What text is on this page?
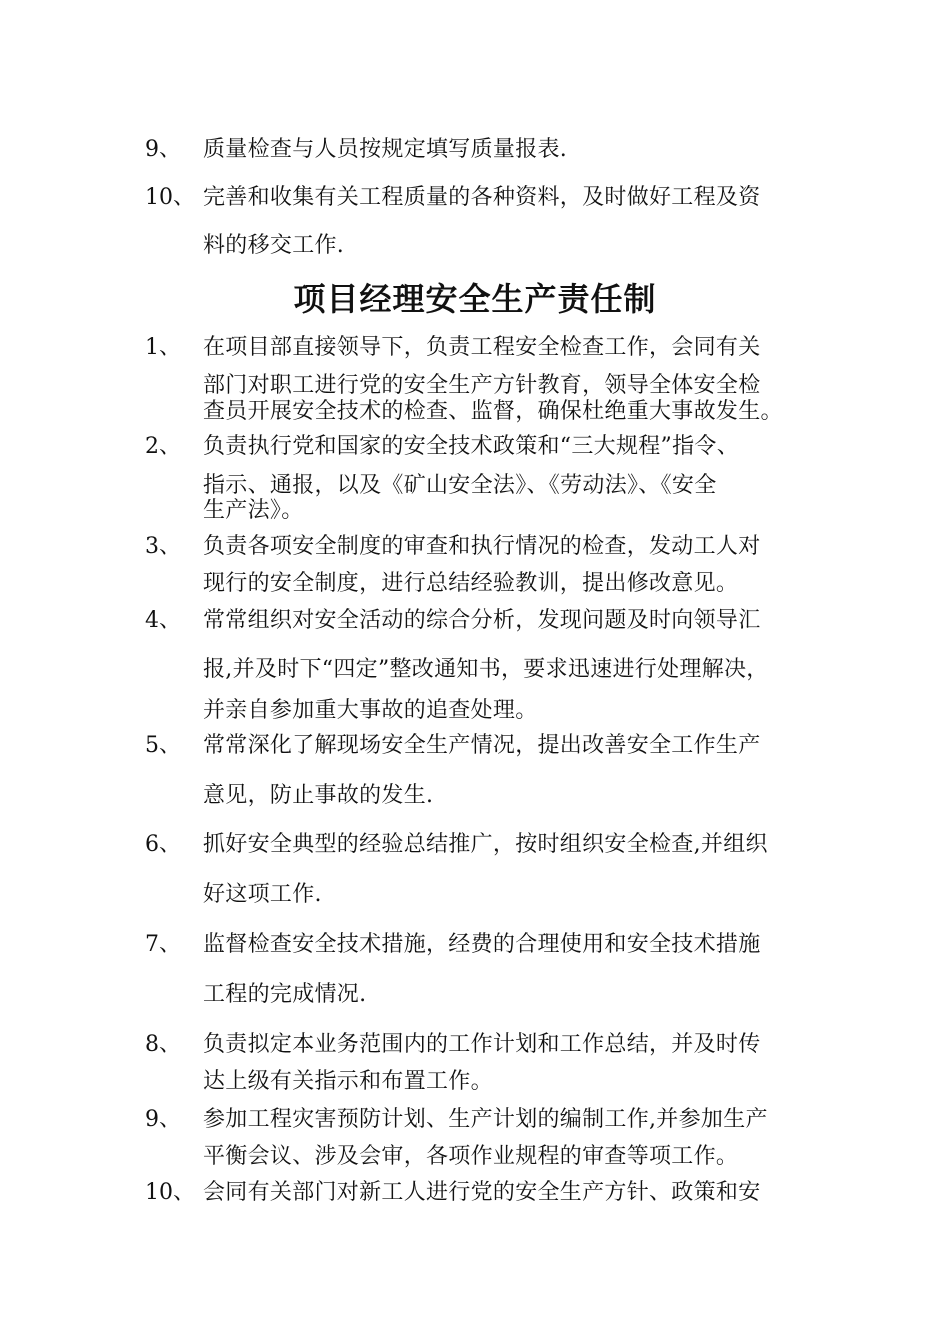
9、 质量检查与人员按规定填写质量报表.
10、 完善和收集有关工程质量的各种资料，及时做好工程及资
料的移交工作.
项目经理安全生产责任制
1、 在项目部直接领导下，负责工程安全检查工作，会同有关
部门对职工进行党的安全生产方针教育，领导全体安全检
查员开展安全技术的检查、监督，确保杜绝重大事故发生。
2、 负责执行党和国家的安全技术政策和“三大规程”指令、
指示、通报，以及《矿山安全法》、《劳动法》、《安全
生产法》。
3、 负责各项安全制度的审查和执行情况的检查，发动工人对
现行的安全制度，进行总结经验教训，提出修改意见。
4、 常常组织对安全活动的综合分析，发现问题及时向领导汇
报,并及时下“四定”整改通知书，要求迅速进行处理解决，
并亲自参加重大事故的追查处理。
5、 常常深化了解现场安全生产情况，提出改善安全工作生产
意见，防止事故的发生.
6、 抓好安全典型的经验总结推广，按时组织安全检查,并组织
好这项工作.
7、 监督检查安全技术措施，经费的合理使用和安全技术措施
工程的完成情况.
8、 负责拟定本业务范围内的工作计划和工作总结，并及时传
达上级有关指示和布置工作。
9、 参加工程灾害预防计划、生产计划的编制工作,并参加生产
平衡会议、涉及会审，各项作业规程的审查等项工作。
10、 会同有关部门对新工人进行党的安全生产方针、政策和安
